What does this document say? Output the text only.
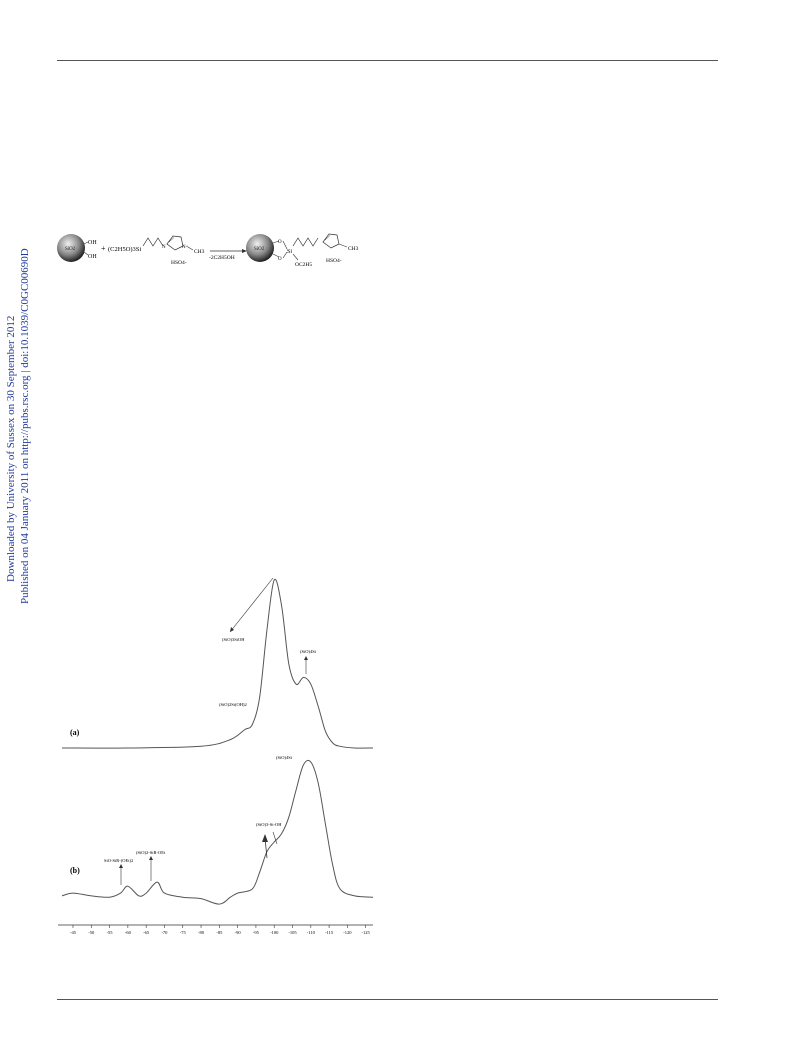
Downloaded by University of Sussex on 30 September 2012 Published on 04 January 2011 on http://pubs.rsc.org | doi:10.1039/C0GC00690D	SiO2
OH
OH
+ (C2H5O)3Si	N	N+
CH3
HSO4-
-2C2H5OH
SiO2
O
O
Si
OC2H5
CH3
HSO4-
-45	-50	-55	-60	-65	-70	-75	-80	-85	-90	-95 -100 -105 -110 -115 -120 -125
(a)
(b)
(SiO)3SiOH
(SiO)4Si
(SiO)2Si(OH)2
(SiO)4Si
(SiO)3-Si-OH
SiO-SiR-(OEt)2
(SiO)2-SiR-OEt
